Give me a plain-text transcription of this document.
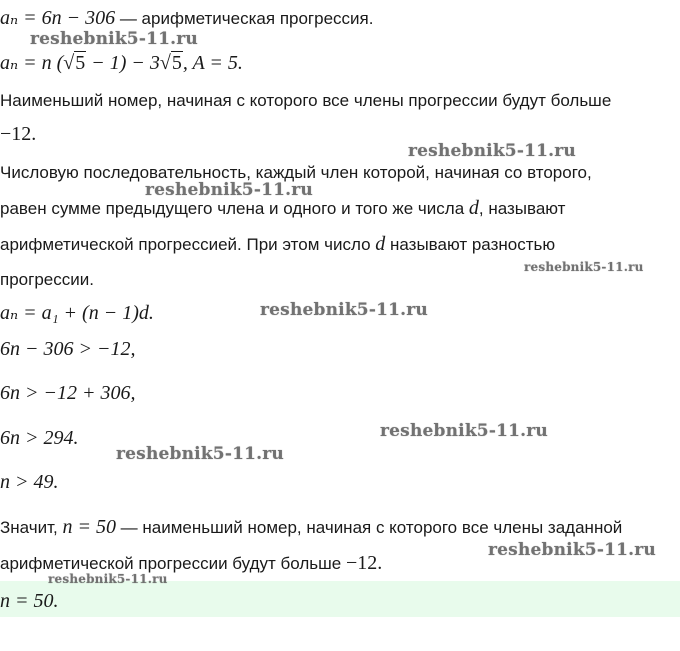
aₙ = 6n − 306 — арифметическая прогрессия.
aₙ = n (√5 − 1) − 3√5, A = 5.
Наименьший номер, начиная с которого все члены прогрессии будут больше
−12.
Числовую последовательность, каждый член которой, начиная со второго,
равен сумме предыдущего члена и одного и того же числа d, называют
арифметической прогрессией. При этом число d называют разностью
прогрессии.
aₙ = a₁ + (n − 1)d.
6n − 306 > −12,
6n > −12 + 306,
6n > 294.
n > 49.
Значит, n = 50 — наименьший номер, начиная с которого все члены заданной
арифметической прогрессии будут больше −12.
n = 50.
reshebnik5-11.ru
reshebnik5-11.ru
reshebnik5-11.ru
reshebnik5-11.ru
reshebnik5-11.ru
reshebnik5-11.ru
reshebnik5-11.ru
reshebnik5-11.ru
reshebnik5-11.ru
